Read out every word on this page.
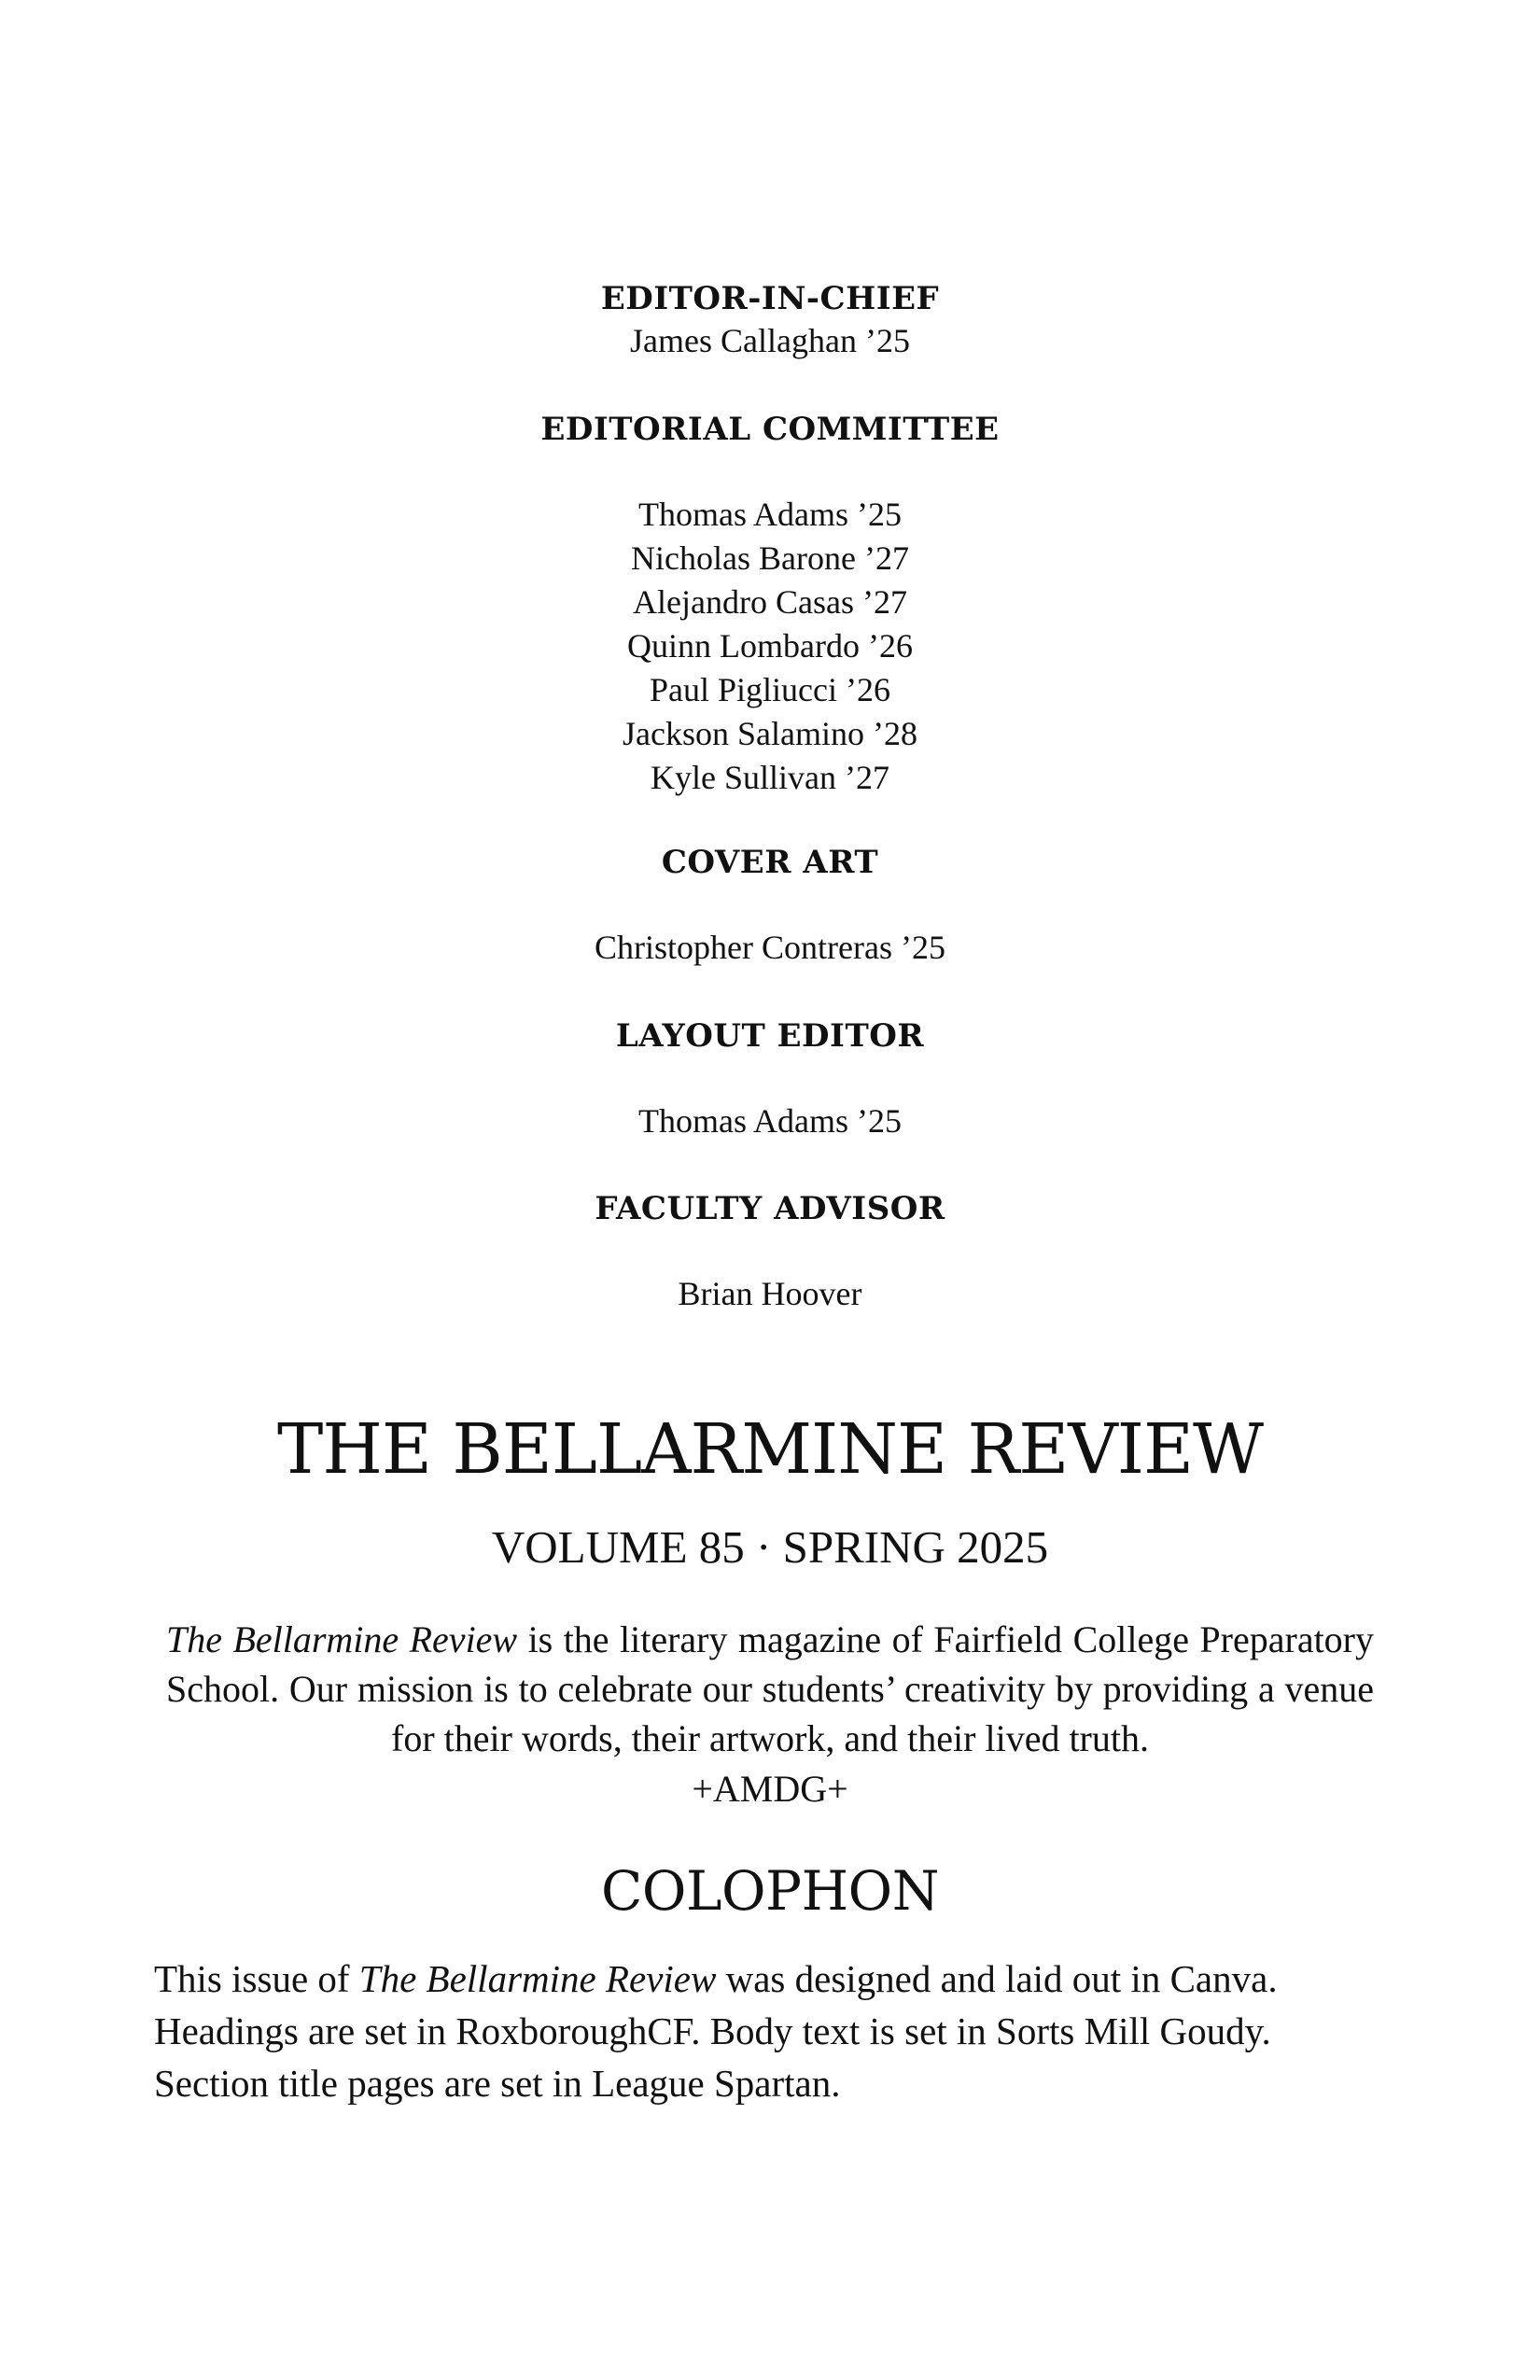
EDITOR-IN-CHIEF
James Callaghan ’25
EDITORIAL COMMITTEE
Thomas Adams ’25
Nicholas Barone ’27
Alejandro Casas ’27
Quinn Lombardo ’26
Paul Pigliucci ’26
Jackson Salamino ’28
Kyle Sullivan ’27
COVER ART
Christopher Contreras ’25
LAYOUT EDITOR
Thomas Adams ’25
FACULTY ADVISOR
Brian Hoover
THE BELLARMINE REVIEW
VOLUME 85 · SPRING 2025
The Bellarmine Review is the literary magazine of Fairfield College Preparatory School. Our mission is to celebrate our students’ creativity by providing a venue for their words, their artwork, and their lived truth.
+AMDG+
COLOPHON
This issue of The Bellarmine Review was designed and laid out in Canva. Headings are set in RoxboroughCF. Body text is set in Sorts Mill Goudy. Section title pages are set in League Spartan.
